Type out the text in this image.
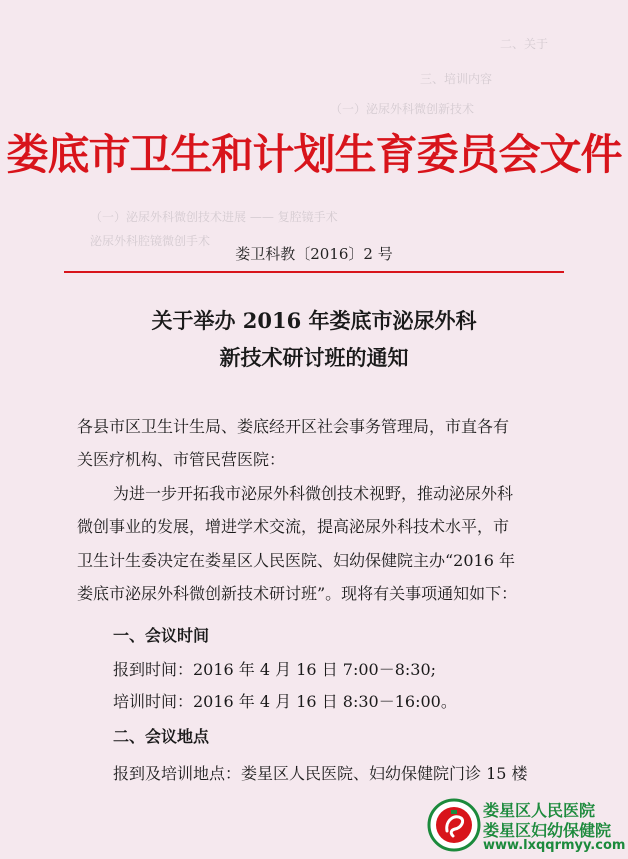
二、关于
三、培训内容
（一）泌尿外科微创新技术
（一）泌尿外科微创技术进展 —— 复腔镜手术
泌尿外科腔镜微创手术
娄底市卫生和计划生育委员会文件
娄卫科教〔2016〕2 号
关于举办 2016 年娄底市泌尿外科
新技术研讨班的通知
各县市区卫生计生局、娄底经开区社会事务管理局，市直各有
关医疗机构、市管民营医院：
为进一步开拓我市泌尿外科微创技术视野，推动泌尿外科
微创事业的发展，增进学术交流，提高泌尿外科技术水平，市
卫生计生委决定在娄星区人民医院、妇幼保健院主办“2016 年
娄底市泌尿外科微创新技术研讨班”。现将有关事项通知如下：
一、会议时间
报到时间：2016 年 4 月 16 日 7:00－8:30;
培训时间：2016 年 4 月 16 日 8:30－16:00。
二、会议地点
报到及培训地点：娄星区人民医院、妇幼保健院门诊 15 楼
娄星区人民医院
娄星区妇幼保健院
www.lxqqrmyy.com
